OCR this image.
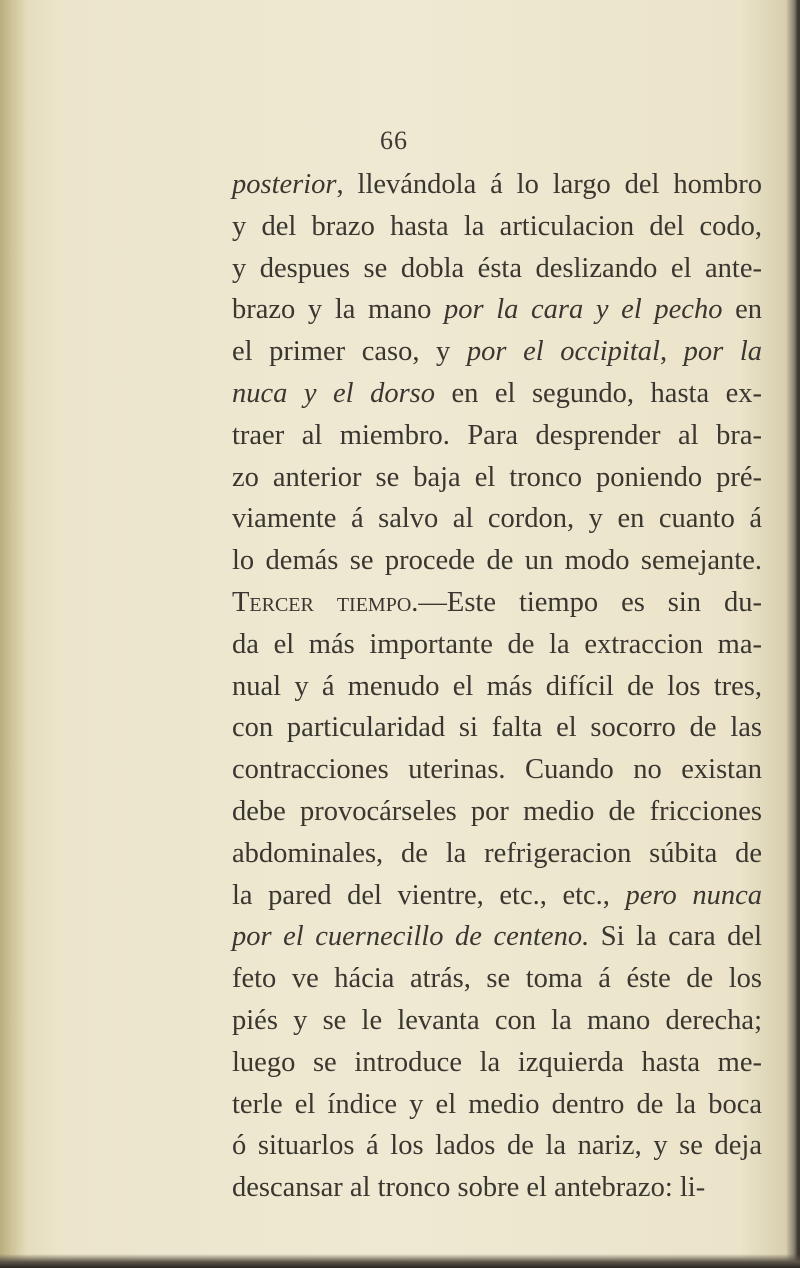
66
posterior, llevándola á lo largo del hombro
y del brazo hasta la articulacion del codo,
y despues se dobla ésta deslizando el ante-
brazo y la mano por la cara y el pecho en
el primer caso, y por el occipital, por la
nuca y el dorso en el segundo, hasta ex-
traer al miembro. Para desprender al bra-
zo anterior se baja el tronco poniendo pré-
viamente á salvo al cordon, y en cuanto á
lo demás se procede de un modo semejante.
Tercer tiempo.—Este tiempo es sin du-
da el más importante de la extraccion ma-
nual y á menudo el más difícil de los tres,
con particularidad si falta el socorro de las
contracciones uterinas. Cuando no existan
debe provocárseles por medio de fricciones
abdominales, de la refrigeracion súbita de
la pared del vientre, etc., etc., pero nunca
por el cuernecillo de centeno. Si la cara del
feto ve hácia atrás, se toma á éste de los
piés y se le levanta con la mano derecha;
luego se introduce la izquierda hasta me-
terle el índice y el medio dentro de la boca
ó situarlos á los lados de la nariz, y se deja
descansar al tronco sobre el antebrazo: li-
